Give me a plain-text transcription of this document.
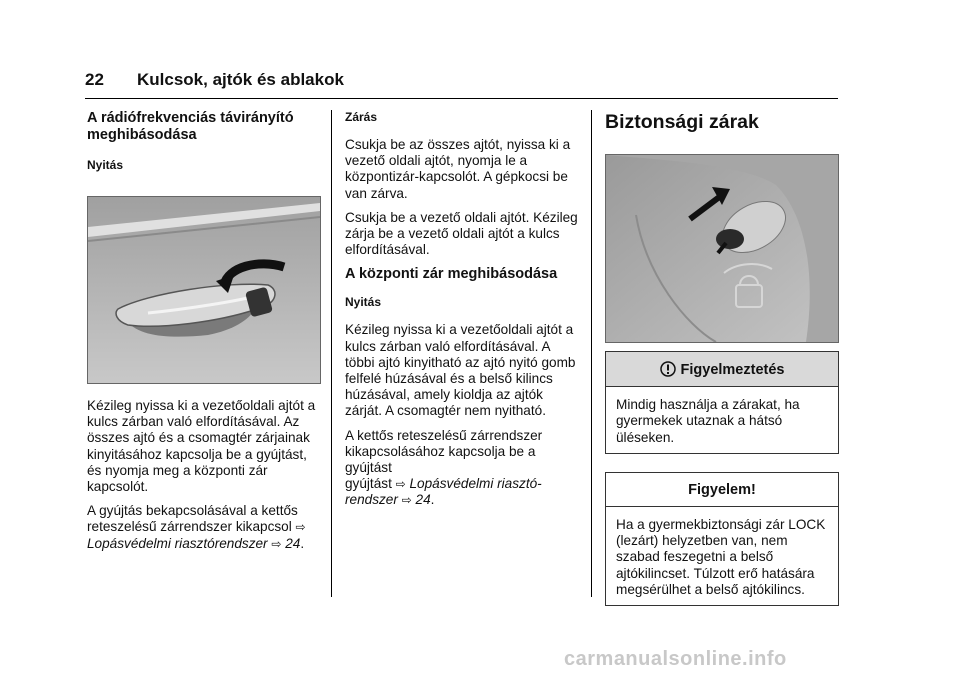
22 Kulcsok, ajtók és ablakok
A rádiófrekvenciás távirányító meghibásodása
Nyitás

Kézileg nyissa ki a vezetőoldali ajtót a kulcs zárban való elfordításával. Az összes ajtó és a csomagtér zárjainak kinyitásához kapcsolja be a gyújtást, és nyomja meg a központi zár kapcsolót.

A gyújtás bekapcsolásával a kettős reteszelésű zárrendszer kikapcsol ⇨
Lopásvédelmi riasztórendszer ⇨ 24.

Zárás

Csukja be az összes ajtót, nyissa ki a vezető oldali ajtót, nyomja le a központizár-kapcsolót. A gépkocsi be van zárva.

Csukja be a vezető oldali ajtót. Kézileg zárja be a vezető oldali ajtót a kulcs elfordításával.

A központi zár meghibásodása
Nyitás

Kézileg nyissa ki a vezetőoldali ajtót a kulcs zárban való elfordításával. A többi ajtó kinyitható az ajtó nyitó gomb felfelé húzásával és a belső kilincs húzásával, amely kioldja az ajtók zárját. A csomagtér nem nyitható.

A kettős reteszelésű zárrendszer kikapcsolásához kapcsolja be a gyújtást
gyújtást ⇨ Lopásvédelmi riasztó-
rendszer ⇨ 24.

Biztonsági zárak
Figyelmeztetés

Mindig használja a zárakat, ha gyermekek utaznak a hátsó üléseken.

Figyelem!

Ha a gyermekbiztonsági zár LOCK (lezárt) helyzetben van, nem szabad feszegetni a belső ajtókilincset. Túlzott erő hatására megsérülhet a belső ajtókilincs.

carmanualsonline.info
